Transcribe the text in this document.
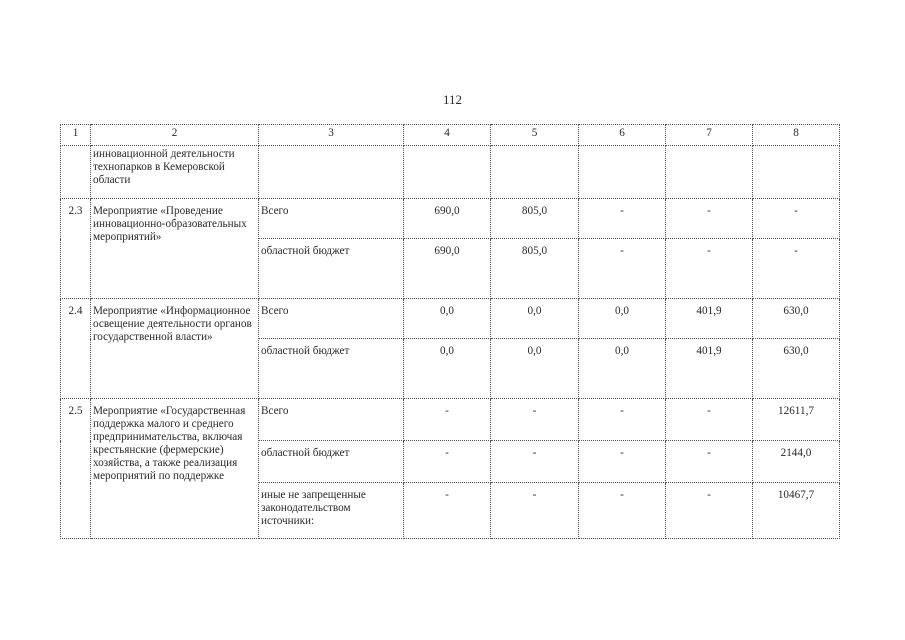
112
1	2	3	4	5	6	7	8
	инновационной деятельности технопарков в Кемеровской области						
2.3	Мероприятие «Проведение инновационно-образовательных мероприятий»	Всего	690,0	805,0	-	-	-
		областной бюджет	690,0	805,0	-	-	-
2.4	Мероприятие «Информационное освещение деятельности органов государственной власти»	Всего	0,0	0,0	0,0	401,9	630,0
		областной бюджет	0,0	0,0	0,0	401,9	630,0
2.5	Мероприятие «Государственная поддержка малого и среднего предпринимательства, включая крестьянские (фермерские) хозяйства, а также реализация мероприятий по поддержке	Всего	-	-	-	-	12611,7
		областной бюджет	-	-	-	-	2144,0
		иные не запрещенные законодательством источники:	-	-	-	-	10467,7
